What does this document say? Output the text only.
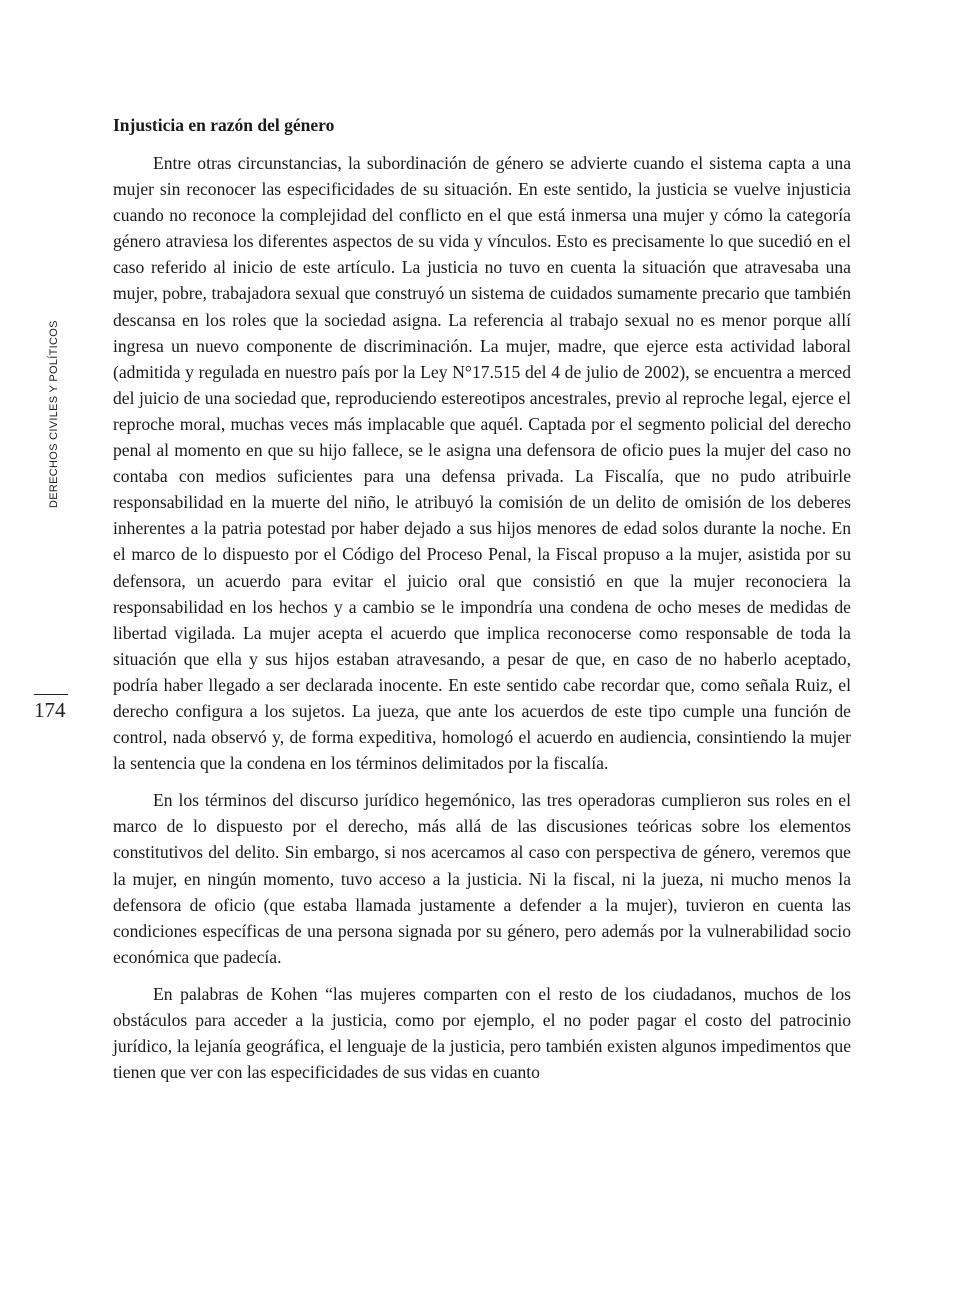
DERECHOS CIVILES Y POLÍTICOS
174
Injusticia en razón del género

Entre otras circunstancias, la subordinación de género se advierte cuando el sistema capta a una mujer sin reconocer las especificidades de su situación. En este sentido, la justicia se vuelve injusticia cuando no reconoce la complejidad del conflicto en el que está inmersa una mujer y cómo la categoría género atraviesa los diferentes aspectos de su vida y vínculos. Esto es precisamente lo que sucedió en el caso referido al inicio de este artículo. La justicia no tuvo en cuenta la situación que atravesaba una mujer, pobre, trabajadora sexual que construyó un sistema de cuidados sumamente precario que también descansa en los roles que la sociedad asigna. La referencia al trabajo sexual no es menor porque allí ingresa un nuevo componente de discriminación. La mujer, madre, que ejerce esta actividad laboral (admitida y regulada en nuestro país por la Ley N°17.515 del 4 de julio de 2002), se encuentra a merced del juicio de una sociedad que, reproduciendo estereotipos ancestrales, previo al reproche legal, ejerce el reproche moral, muchas veces más implacable que aquél. Captada por el segmento policial del derecho penal al momento en que su hijo fallece, se le asigna una defensora de oficio pues la mujer del caso no contaba con medios suficientes para una defensa privada. La Fiscalía, que no pudo atribuirle responsabilidad en la muerte del niño, le atribuyó la comisión de un delito de omisión de los deberes inherentes a la patria potestad por haber dejado a sus hijos menores de edad solos durante la noche. En el marco de lo dispuesto por el Código del Proceso Penal, la Fiscal propuso a la mujer, asistida por su defensora, un acuerdo para evitar el juicio oral que consistió en que la mujer reconociera la responsabilidad en los hechos y a cambio se le impondría una condena de ocho meses de medidas de libertad vigilada. La mujer acepta el acuerdo que implica reconocerse como responsable de toda la situación que ella y sus hijos estaban atravesando, a pesar de que, en caso de no haberlo aceptado, podría haber llegado a ser declarada inocente. En este sentido cabe recordar que, como señala Ruiz, el derecho configura a los sujetos. La jueza, que ante los acuerdos de este tipo cumple una función de control, nada observó y, de forma expeditiva, homologó el acuerdo en audiencia, consintiendo la mujer la sentencia que la condena en los términos delimitados por la fiscalía.

En los términos del discurso jurídico hegemónico, las tres operadoras cumplieron sus roles en el marco de lo dispuesto por el derecho, más allá de las discusiones teóricas sobre los elementos constitutivos del delito. Sin embargo, si nos acercamos al caso con perspectiva de género, veremos que la mujer, en ningún momento, tuvo acceso a la justicia. Ni la fiscal, ni la jueza, ni mucho menos la defensora de oficio (que estaba llamada justamente a defender a la mujer), tuvieron en cuenta las condiciones específicas de una persona signada por su género, pero además por la vulnerabilidad socio económica que padecía.

En palabras de Kohen “las mujeres comparten con el resto de los ciudadanos, muchos de los obstáculos para acceder a la justicia, como por ejemplo, el no poder pagar el costo del patrocinio jurídico, la lejanía geográfica, el lenguaje de la justicia, pero también existen algunos impedimentos que tienen que ver con las especificidades de sus vidas en cuanto
